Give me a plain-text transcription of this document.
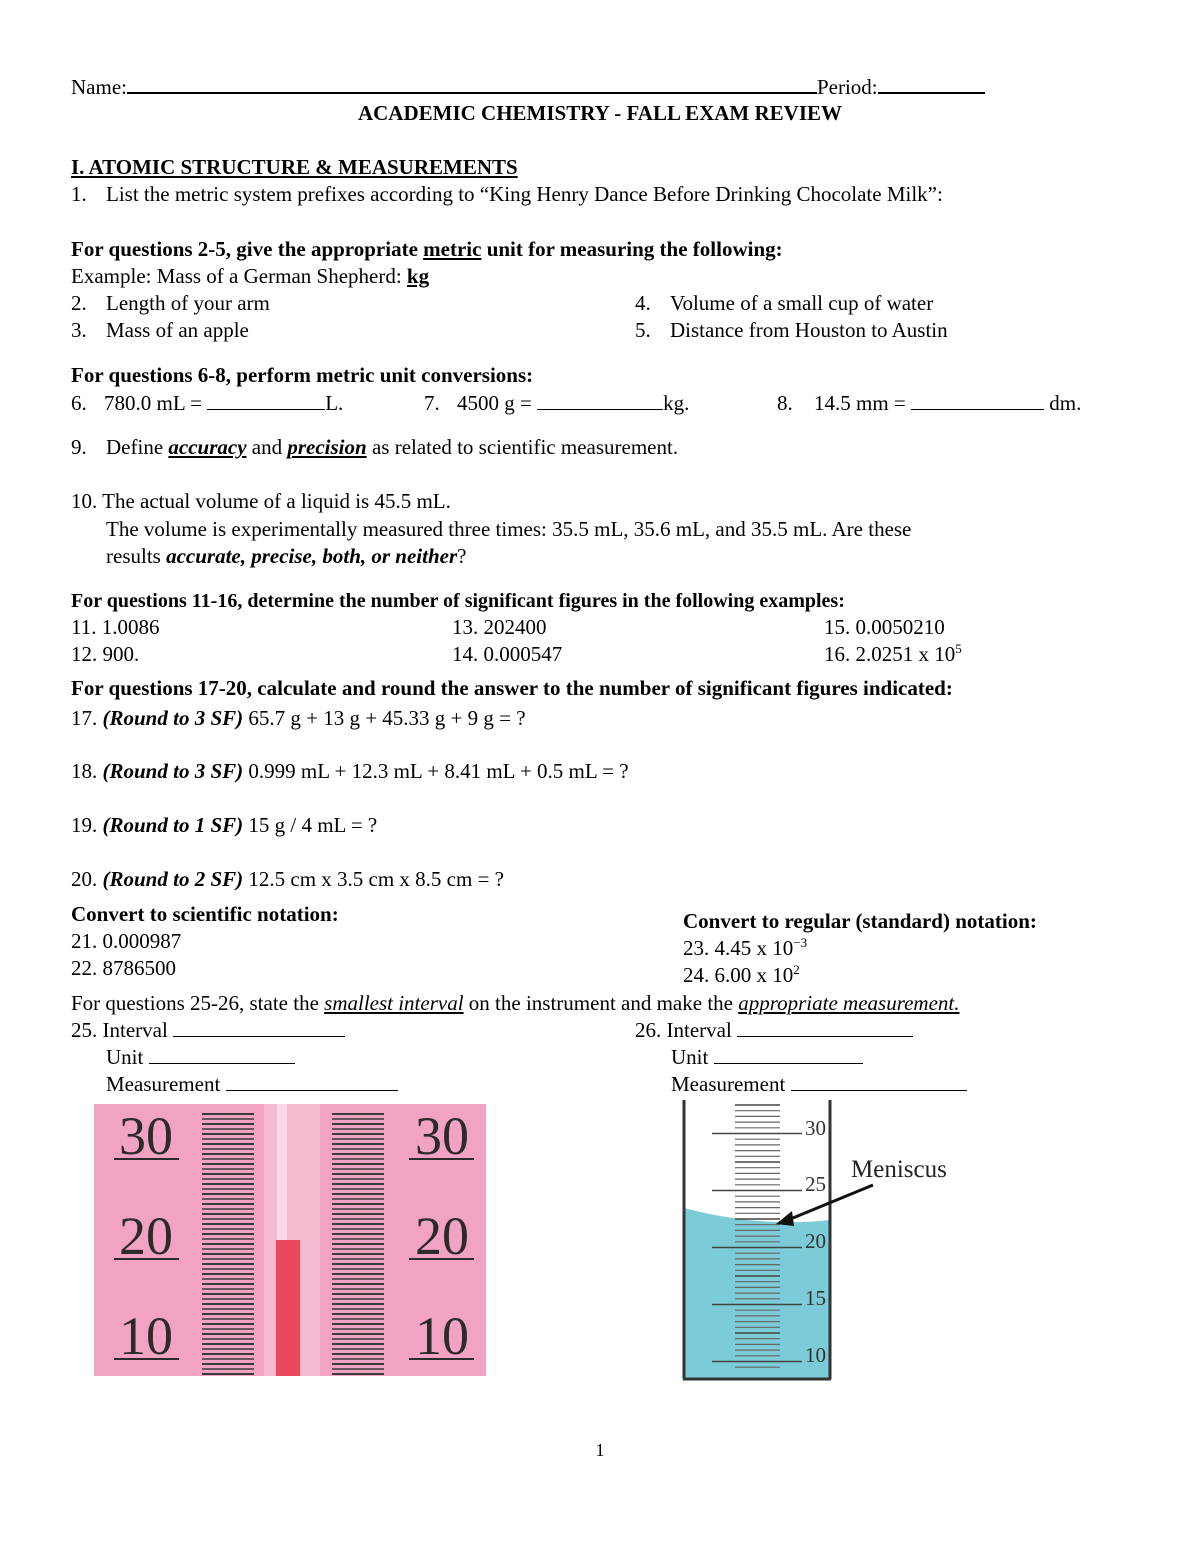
Name:	Period:
ACADEMIC CHEMISTRY - FALL EXAM REVIEW
I. ATOMIC STRUCTURE & MEASUREMENTS
1. List the metric system prefixes according to “King Henry Dance Before Drinking Chocolate Milk”:
For questions 2-5, give the appropriate metric unit for measuring the following:
Example: Mass of a German Shepherd: kg
2. Length of your arm
3. Mass of an apple
4. Volume of a small cup of water
5. Distance from Houston to Austin
For questions 6-8, perform metric unit conversions:
6. 780.0 mL =	L.	7. 4500 g =	kg.	8. 14.5 mm =	dm.
9. Define accuracy and precision as related to scientific measurement.
10. The actual volume of a liquid is 45.5 mL.
The volume is experimentally measured three times: 35.5 mL, 35.6 mL, and 35.5 mL. Are these
results accurate, precise, both, or neither?
For questions 11-16, determine the number of significant figures in the following examples:
11. 1.0086
12. 900.
13. 202400
14. 0.000547
15. 0.0050210
16. 2.0251 x $10^5$
For questions 17-20, calculate and round the answer to the number of significant figures indicated:
17. (Round to 3 SF) 65.7 g + 13 g + 45.33 g + 9 g = ?
18. (Round to 3 SF) 0.999 mL + 12.3 mL + 8.41 mL + 0.5 mL = ?
19. (Round to 1 SF) 15 g / 4 mL = ?
20. (Round to 2 SF) 12.5 cm x 3.5 cm x 8.5 cm = ?
Convert to scientific notation:
21. 0.000987
22. 8786500
Convert to regular (standard) notation:
23. 4.45 x $10^{-3}$
24. 6.00 x $10^2$
For questions 25-26, state the smallest interval on the instrument and make the appropriate measurement.
25. Interval
Unit
Measurement
26. Interval
Unit
Measurement
30
20
10
30
20
10
30
25
20
15
10
Meniscus
1
